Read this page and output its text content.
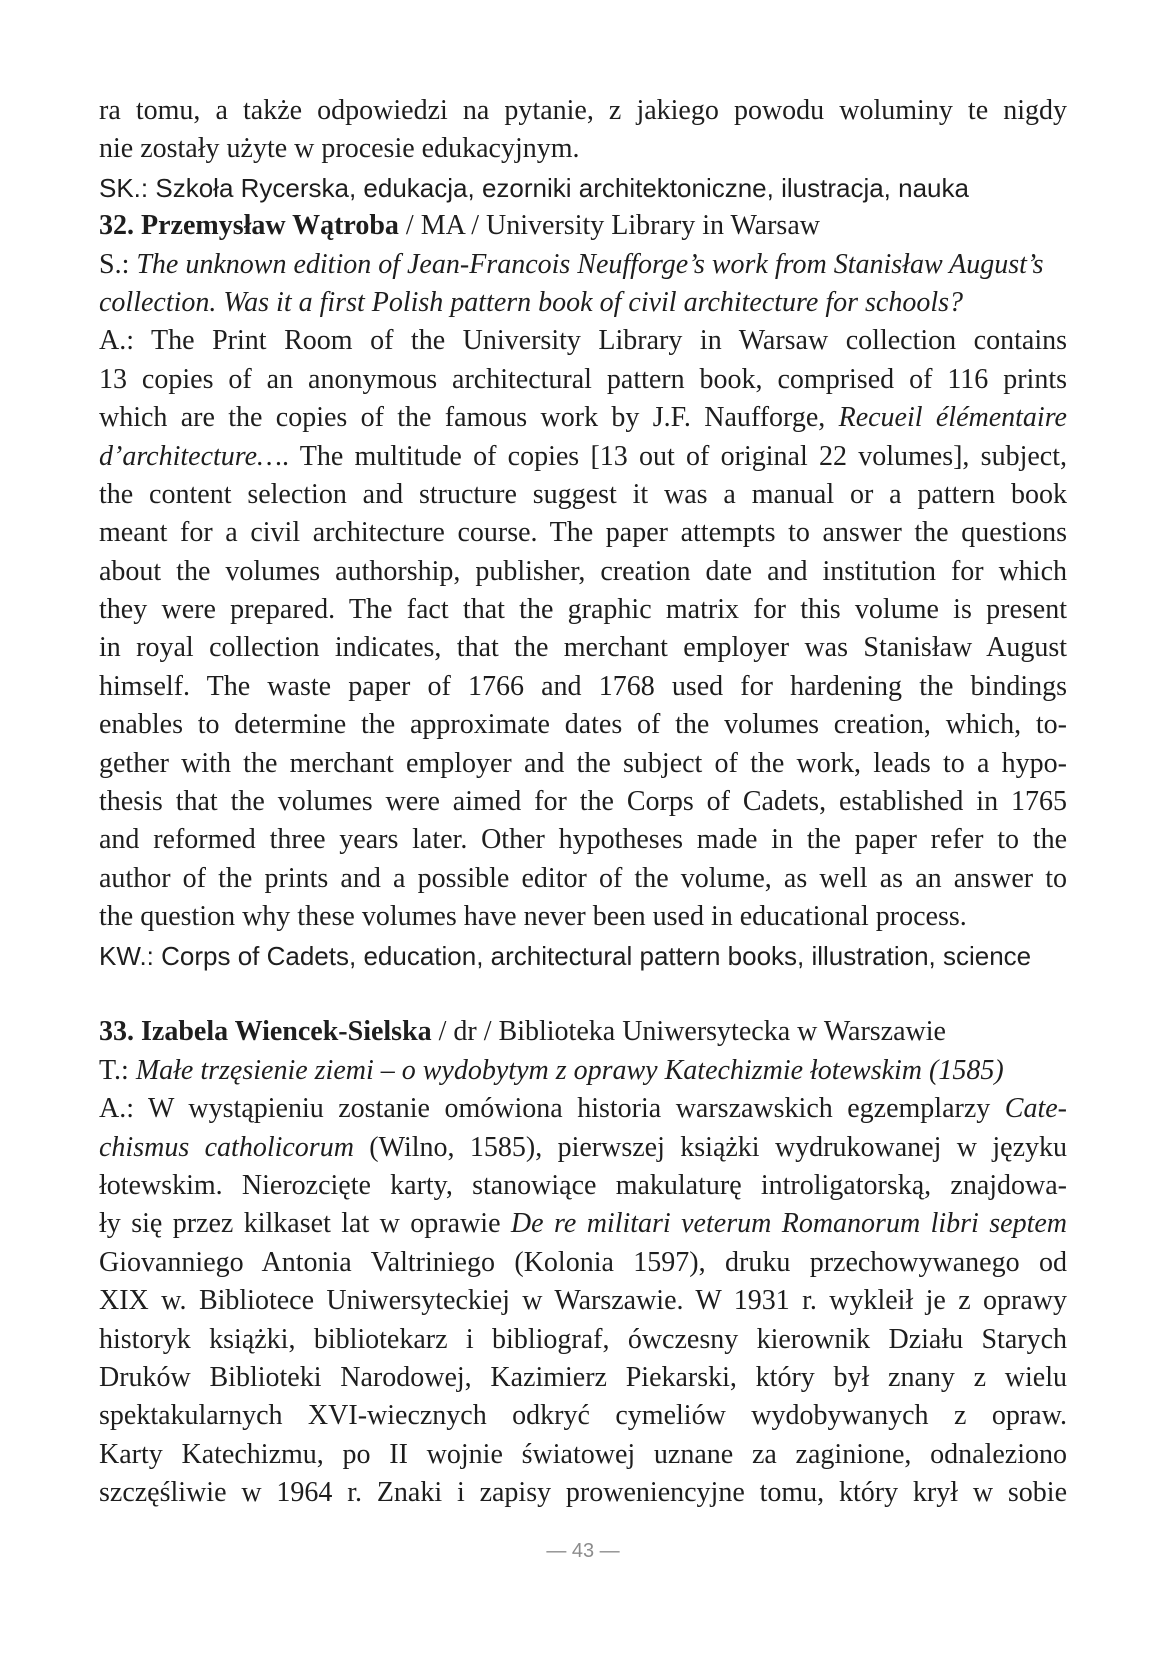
ra tomu, a także odpowiedzi na pytanie, z jakiego powodu woluminy te nigdy
nie zostały użyte w procesie edukacyjnym.
SK.: Szkoła Rycerska, edukacja, ezorniki architektoniczne, ilustracja, nauka
32. Przemysław Wątroba / MA / University Library in Warsaw
S.: The unknown edition of Jean-Francois Neufforge’s work from Stanisław August’s
collection. Was it a first Polish pattern book of civil architecture for schools?
A.: The Print Room of the University Library in Warsaw collection contains
13 copies of an anonymous architectural pattern book, comprised of 116 prints
which are the copies of the famous work by J.F. Naufforge, Recueil élémentaire
d’architecture…. The multitude of copies [13 out of original 22 volumes], subject,
the content selection and structure suggest it was a manual or a pattern book
meant for a civil architecture course. The paper attempts to answer the questions
about the volumes authorship, publisher, creation date and institution for which
they were prepared. The fact that the graphic matrix for this volume is present
in royal collection indicates, that the merchant employer was Stanisław August
himself. The waste paper of 1766 and 1768 used for hardening the bindings
enables to determine the approximate dates of the volumes creation, which, to-
gether with the merchant employer and the subject of the work, leads to a hypo-
thesis that the volumes were aimed for the Corps of Cadets, established in 1765
and reformed three years later. Other hypotheses made in the paper refer to the
author of the prints and a possible editor of the volume, as well as an answer to
the question why these volumes have never been used in educational process.
KW.: Corps of Cadets, education, architectural pattern books, illustration, science
33. Izabela Wiencek-Sielska / dr / Biblioteka Uniwersytecka w Warszawie
T.: Małe trzęsienie ziemi – o wydobytym z oprawy Katechizmie łotewskim (1585)
A.: W wystąpieniu zostanie omówiona historia warszawskich egzemplarzy Cate-
chismus catholicorum (Wilno, 1585), pierwszej książki wydrukowanej w języku
łotewskim. Nierozcięte karty, stanowiące makulaturę introligatorską, znajdowa-
ły się przez kilkaset lat w oprawie De re militari veterum Romanorum libri septem
Giovanniego Antonia Valtriniego (Kolonia 1597), druku przechowywanego od
XIX w. Bibliotece Uniwersyteckiej w Warszawie. W 1931 r. wykleił je z oprawy
historyk książki, bibliotekarz i bibliograf, ówczesny kierownik Działu Starych
Druków Biblioteki Narodowej, Kazimierz Piekarski, który był znany z wielu
spektakularnych XVI-wiecznych odkryć cymeliów wydobywanych z opraw.
Karty Katechizmu, po II wojnie światowej uznane za zaginione, odnaleziono
szczęśliwie w 1964 r. Znaki i zapisy proweniencyjne tomu, który krył w sobie
— 43 —
